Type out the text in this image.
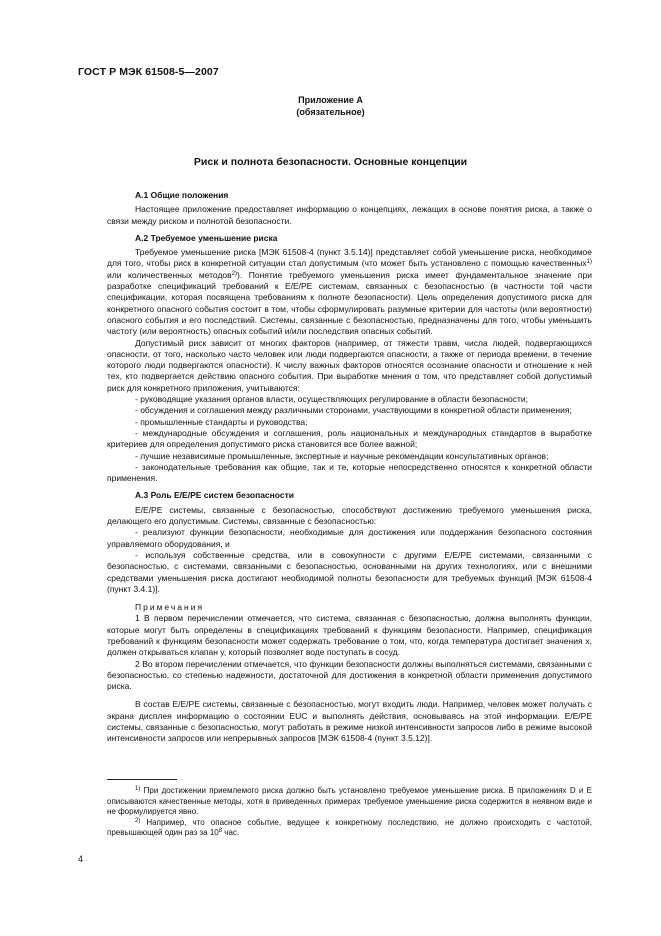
ГОСТ Р МЭК 61508-5—2007
Приложение А
(обязательное)
Риск и полнота безопасности. Основные концепции

А.1 Общие положения

Настоящее приложение предоставляет информацию о концепциях, лежащих в основе понятия риска, а также о связи между риском и полнотой безопасности.

А.2 Требуемое уменьшение риска

Требуемое уменьшение риска [МЭК 61508-4 (пункт 3.5.14)] представляет собой уменьшение риска, необходимое для того, чтобы риск в конкретной ситуации стал допустимым (что может быть установлено с помощью качественных$^{1)}$ или количественных методов$^{2)}$). Понятие требуемого уменьшения риска имеет фундаментальное значение при разработке спецификаций требований к Е/Е/РЕ системам, связанных с безопасностью (в частности той части спецификации, которая посвящена требованиям к полноте безопасности). Цель определения допустимого риска для конкретного опасного события состоит в том, чтобы сформулировать разумные критерии для частоты (или вероятности) опасного события и его последствий. Системы, связанные с безопасностью, предназначены для того, чтобы уменьшить частоту (или вероятность) опасных событий и/или последствия опасных событий.

Допустимый риск зависит от многих факторов (например, от тяжести травм, числа людей, подвергающихся опасности, от того, насколько часто человек или люди подвергаются опасности, а также от периода времени, в течение которого люди подвергаются опасности). К числу важных факторов относятся осознание опасности и отношение к ней тех, кто подвергается действию опасного события. При выработке мнения о том, что представляет собой допустимый риск для конкретного приложения, учитываются:

- руководящие указания органов власти, осуществляющих регулирование в области безопасности;

- обсуждения и соглашения между различными сторонами, участвующими в конкретной области применения;

- промышленные стандарты и руководства;

- международные обсуждения и соглашения, роль национальных и международных стандартов в выработке критериев для определения допустимого риска становится все более важной;

- лучшие независимые промышленные, экспертные и научные рекомендации консультативных органов;

- законодательные требования как общие, так и те, которые непосредственно относятся к конкретной области применения.

А.3 Роль Е/Е/РЕ систем безопасности

Е/Е/РЕ системы, связанные с безопасностью, способствуют достижению требуемого уменьшения риска, делающего его допустимым. Системы, связанные с безопасностью:

- реализуют функции безопасности, необходимые для достижения или поддержания безопасного состояния управляемого оборудования, и

- используя собственные средства, или в совокупности с другими Е/Е/РЕ системами, связанными с безопасностью, с системами, связанными с безопасностью, основанными на других технологиях, или с внешними средствами уменьшения риска достигают необходимой полноты безопасности для требуемых функций [МЭК 61508-4 (пункт 3.4.1)].

Примечания

1 В первом перечислении отмечается, что система, связанная с безопасностью, должна выполнять функции, которые могут быть определены в спецификациях требований к функциям безопасности. Например, спецификация требований к функциям безопасности может содержать требование о том, что, когда температура достигает значения x, должен открываться клапан y, который позволяет воде поступать в сосуд.

2 Во втором перечислении отмечается, что функции безопасности должны выполняться системами, связанными с безопасностью, со степенью надежности, достаточной для достижения в конкретной области применения допустимого риска.

В состав Е/Е/РЕ системы, связанные с безопасностью, могут входить люди. Например, человек может получать с экрана дисплея информацию о состоянии EUC и выполнять действия, основываясь на этой информации. Е/Е/РЕ системы, связанные с безопасностью, могут работать в режиме низкой интенсивности запросов либо в режиме высокой интенсивности запросов или непрерывных запросов [МЭК 61508-4 (пункт 3.5.12)].

$^{1)}$ При достижении приемлемого риска должно быть установлено требуемое уменьшение риска. В приложениях D и E описываются качественные методы, хотя в приведенных примерах требуемое уменьшение риска содержится в неявном виде и не формулируется явно.

$^{2)}$ Например, что опасное событие, ведущее к конкретному последствию, не должно происходить с частотой, превышающей один раз за $10^8$ час.

4
